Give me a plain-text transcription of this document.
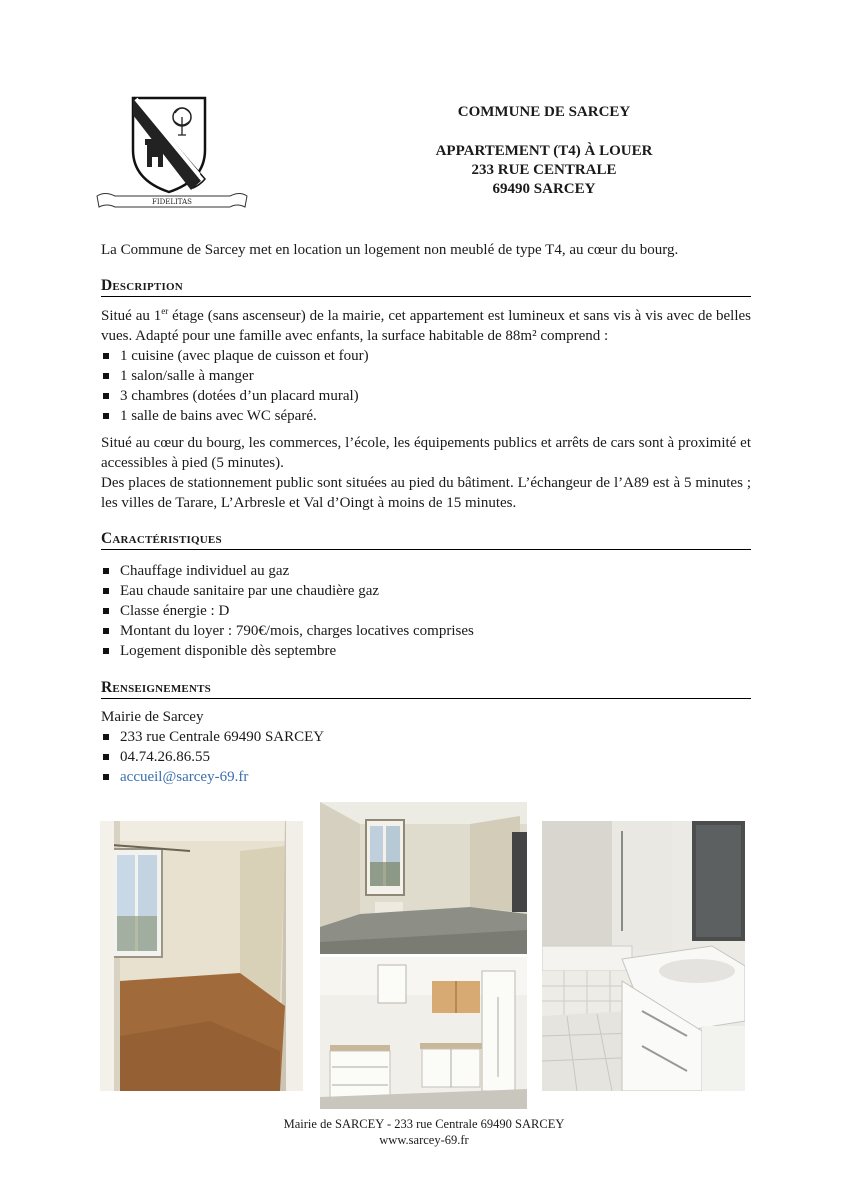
FIDELITAS
COMMUNE DE SARCEY
APPARTEMENT (T4) À LOUER
233 RUE CENTRALE
69490 SARCEY
La Commune de Sarcey met en location un logement non meublé de type T4, au cœur du bourg.
Description
Situé au 1er étage (sans ascenseur) de la mairie, cet appartement est lumineux et sans vis à vis avec de belles vues. Adapté pour une famille avec enfants, la surface habitable de 88m² comprend :
1 cuisine (avec plaque de cuisson et four)
1 salon/salle à manger
3 chambres (dotées d’un placard mural)
1 salle de bains avec WC séparé.
Situé au cœur du bourg, les commerces, l’école, les équipements publics et arrêts de cars sont à proximité et accessibles à pied (5 minutes).
Des places de stationnement public sont situées au pied du bâtiment. L’échangeur de l’A89 est à 5 minutes ; les villes de Tarare, L’Arbresle et Val d’Oingt à moins de 15 minutes.
Caractéristiques
Chauffage individuel au gaz
Eau chaude sanitaire par une chaudière gaz
Classe énergie : D
Montant du loyer : 790€/mois, charges locatives comprises
Logement disponible dès septembre
Renseignements
Mairie de Sarcey
233 rue Centrale 69490 SARCEY
04.74.26.86.55
accueil@sarcey-69.fr
Mairie de SARCEY - 233 rue Centrale 69490 SARCEY
www.sarcey-69.fr
